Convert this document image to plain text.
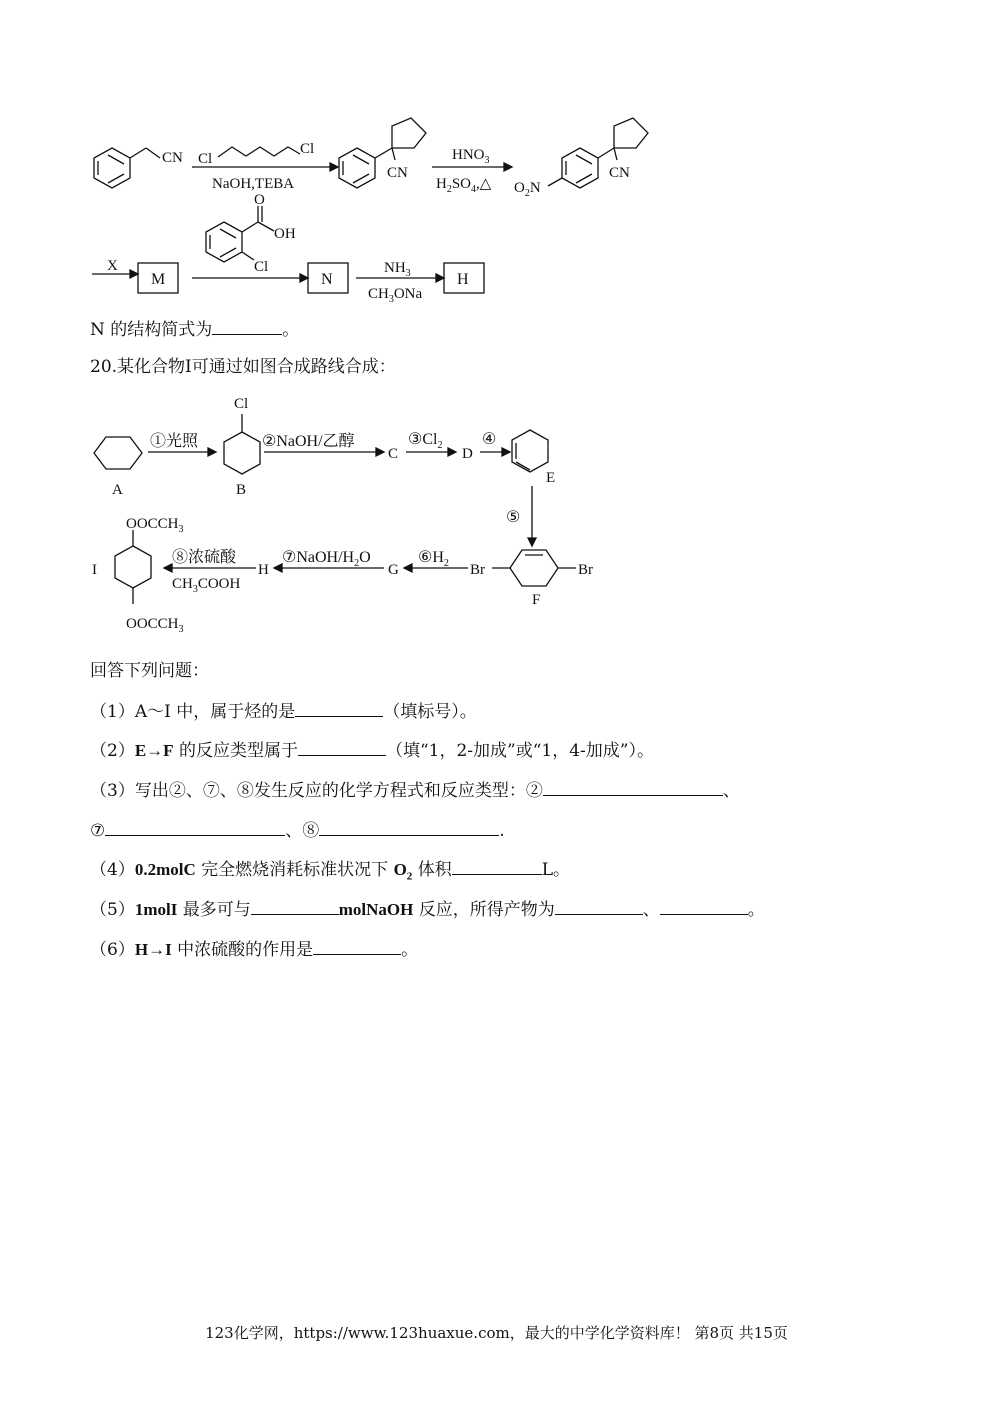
CN Cl
Cl
NaOH,TEBA
CN
$HNO_3$
$H_2SO_4,\triangle$ $O_2N$
CN
X
M	N	H
O
OH
Cl	$NH_3$
$CH_3ONa$
N 的结构简式为	。
20.某化合物I可通过如图合成路线合成：
①光照
Cl
②NaOH/乙醇	$③Cl_2$ ④
A	B
C	D
E
⑤
Br	Br
F
$⑥H_2$
G
⑦NaOH/$H_2O$
H
⑧浓硫酸
$CH_3COOH$
I
$OOCCH_3$
$OOCCH_3$
回答下列问题：
（1）A～I 中，属于烃的是	（填标号）。
（2）E→F 的反应类型属于	（填“1，2-加成”或“1，4-加成”）。
（3）写出②、⑦、⑧发生反应的化学方程式和反应类型：②	、
⑦	、⑧	.
（4）0.2molC 完全燃烧消耗标准状况下 $O_2$ 体积	L。
（5）1molI 最多可与	molNaOH 反应，所得产物为	、	。
（6）H→I 中浓硫酸的作用是	。
123化学网，https://www.123huaxue.com，最大的中学化学资料库！ 第8页 共15页
